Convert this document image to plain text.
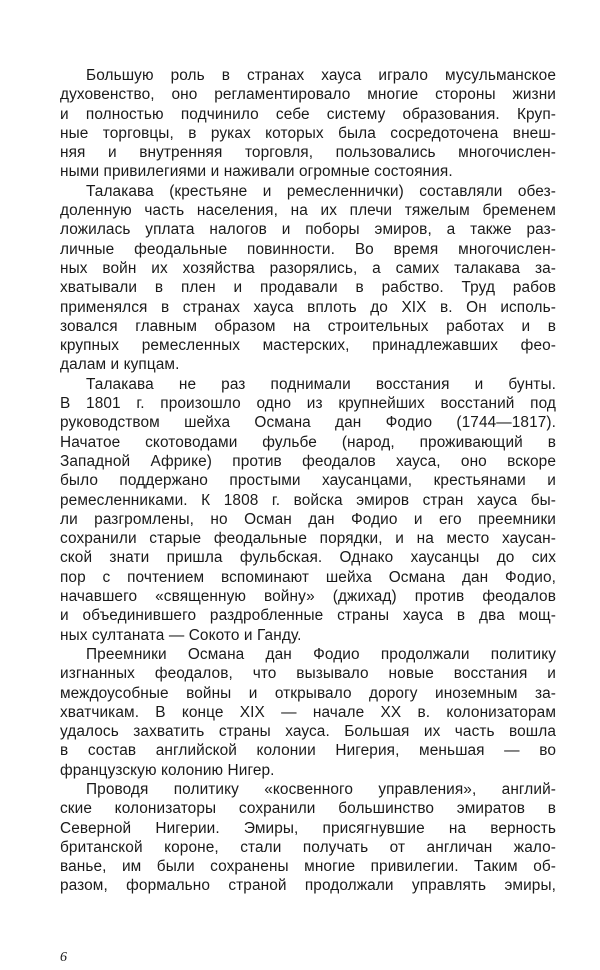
Большую роль в странах хауса играло мусульманское
духовенство, оно регламентировало многие стороны жизни
и полностью подчинило себе систему образования. Круп-
ные торговцы, в руках которых была сосредоточена внеш-
няя и внутренняя торговля, пользовались многочислен-
ными привилегиями и наживали огромные состояния.
Талакава (крестьяне и ремесленнички) составляли обез-
доленную часть населения, на их плечи тяжелым бременем
ложилась уплата налогов и поборы эмиров, а также раз-
личные феодальные повинности. Во время многочислен-
ных войн их хозяйства разорялись, а самих талакава за-
хватывали в плен и продавали в рабство. Труд рабов
применялся в странах хауса вплоть до XIX в. Он исполь-
зовался главным образом на строительных работах и в
крупных ремесленных мастерских, принадлежавших фео-
далам и купцам.
Талакава не раз поднимали восстания и бунты.
В 1801 г. произошло одно из крупнейших восстаний под
руководством шейха Османа дан Фодио (1744—1817).
Начатое скотоводами фульбе (народ, проживающий в
Западной Африке) против феодалов хауса, оно вскоре
было поддержано простыми хаусанцами, крестьянами и
ремесленниками. К 1808 г. войска эмиров стран хауса бы-
ли разгромлены, но Осман дан Фодио и его преемники
сохранили старые феодальные порядки, и на место хаусан-
ской знати пришла фульбская. Однако хаусанцы до сих
пор с почтением вспоминают шейха Османа дан Фодио,
начавшего «священную войну» (джихад) против феодалов
и объединившего раздробленные страны хауса в два мощ-
ных султаната — Сокото и Ганду.
Преемники Османа дан Фодио продолжали политику
изгнанных феодалов, что вызывало новые восстания и
междоусобные войны и открывало дорогу иноземным за-
хватчикам. В конце XIX — начале XX в. колонизаторам
удалось захватить страны хауса. Большая их часть вошла
в состав английской колонии Нигерия, меньшая — во
французскую колонию Нигер.
Проводя политику «косвенного управления», англий-
ские колонизаторы сохранили большинство эмиратов в
Северной Нигерии. Эмиры, присягнувшие на верность
британской короне, стали получать от англичан жало-
ванье, им были сохранены многие привилегии. Таким об-
разом, формально страной продолжали управлять эмиры,
6
